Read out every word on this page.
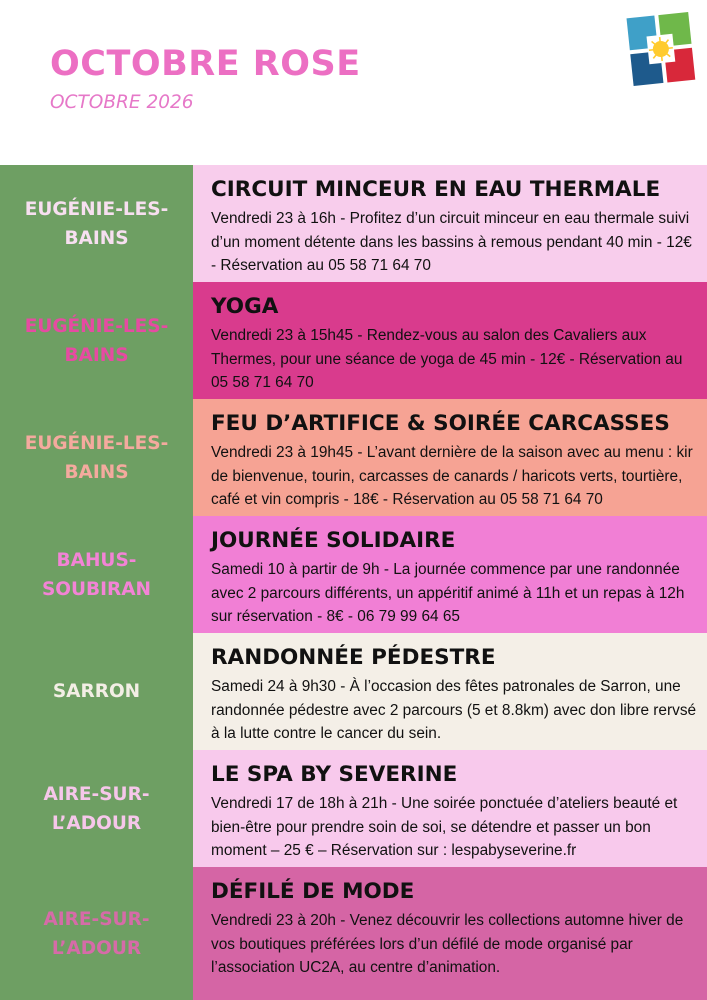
OCTOBRE ROSE
OCTOBRE 2026
EUGÉNIE-LES-BAINS
CIRCUIT MINCEUR EN EAU THERMALE
Vendredi 23 à 16h - Profitez d’un circuit minceur en eau thermale suivi d’un moment détente dans les bassins à remous pendant 40 min - 12€ - Réservation au 05 58 71 64 70
EUGÉNIE-LES-BAINS
YOGA
Vendredi 23 à 15h45 - Rendez-vous au salon des Cavaliers aux Thermes, pour une séance de yoga de 45 min - 12€ - Réservation au 05 58 71 64 70
EUGÉNIE-LES-BAINS
FEU D’ARTIFICE & SOIRÉE CARCASSES
Vendredi 23 à 19h45 - L’avant dernière de la saison avec au menu : kir de bienvenue, tourin, carcasses de canards / haricots verts, tourtière, café et vin compris - 18€ - Réservation au 05 58 71 64 70
BAHUS-SOUBIRAN
JOURNÉE SOLIDAIRE
Samedi 10 à partir de 9h - La journée commence par une randonnée avec 2 parcours différents, un appéritif animé à 11h et un repas à 12h sur réservation - 8€ - 06 79 99 64 65
SARRON
RANDONNÉE PÉDESTRE
Samedi 24 à 9h30 - À l’occasion des fêtes patronales de Sarron, une randonnée pédestre avec 2 parcours (5 et 8.8km) avec don libre rervsé à la lutte contre le cancer du sein.
AIRE-SUR-L’ADOUR
LE SPA BY SEVERINE
Vendredi 17 de 18h à 21h - Une soirée ponctuée d’ateliers beauté et bien-être pour prendre soin de soi, se détendre et passer un bon moment – 25 € – Réservation sur : lespabyseverine.fr
AIRE-SUR-L’ADOUR
DÉFILÉ DE MODE
Vendredi 23 à 20h - Venez découvrir les collections automne hiver de vos boutiques préférées lors d’un défilé de mode organisé par l’association UC2A, au centre d’animation.
